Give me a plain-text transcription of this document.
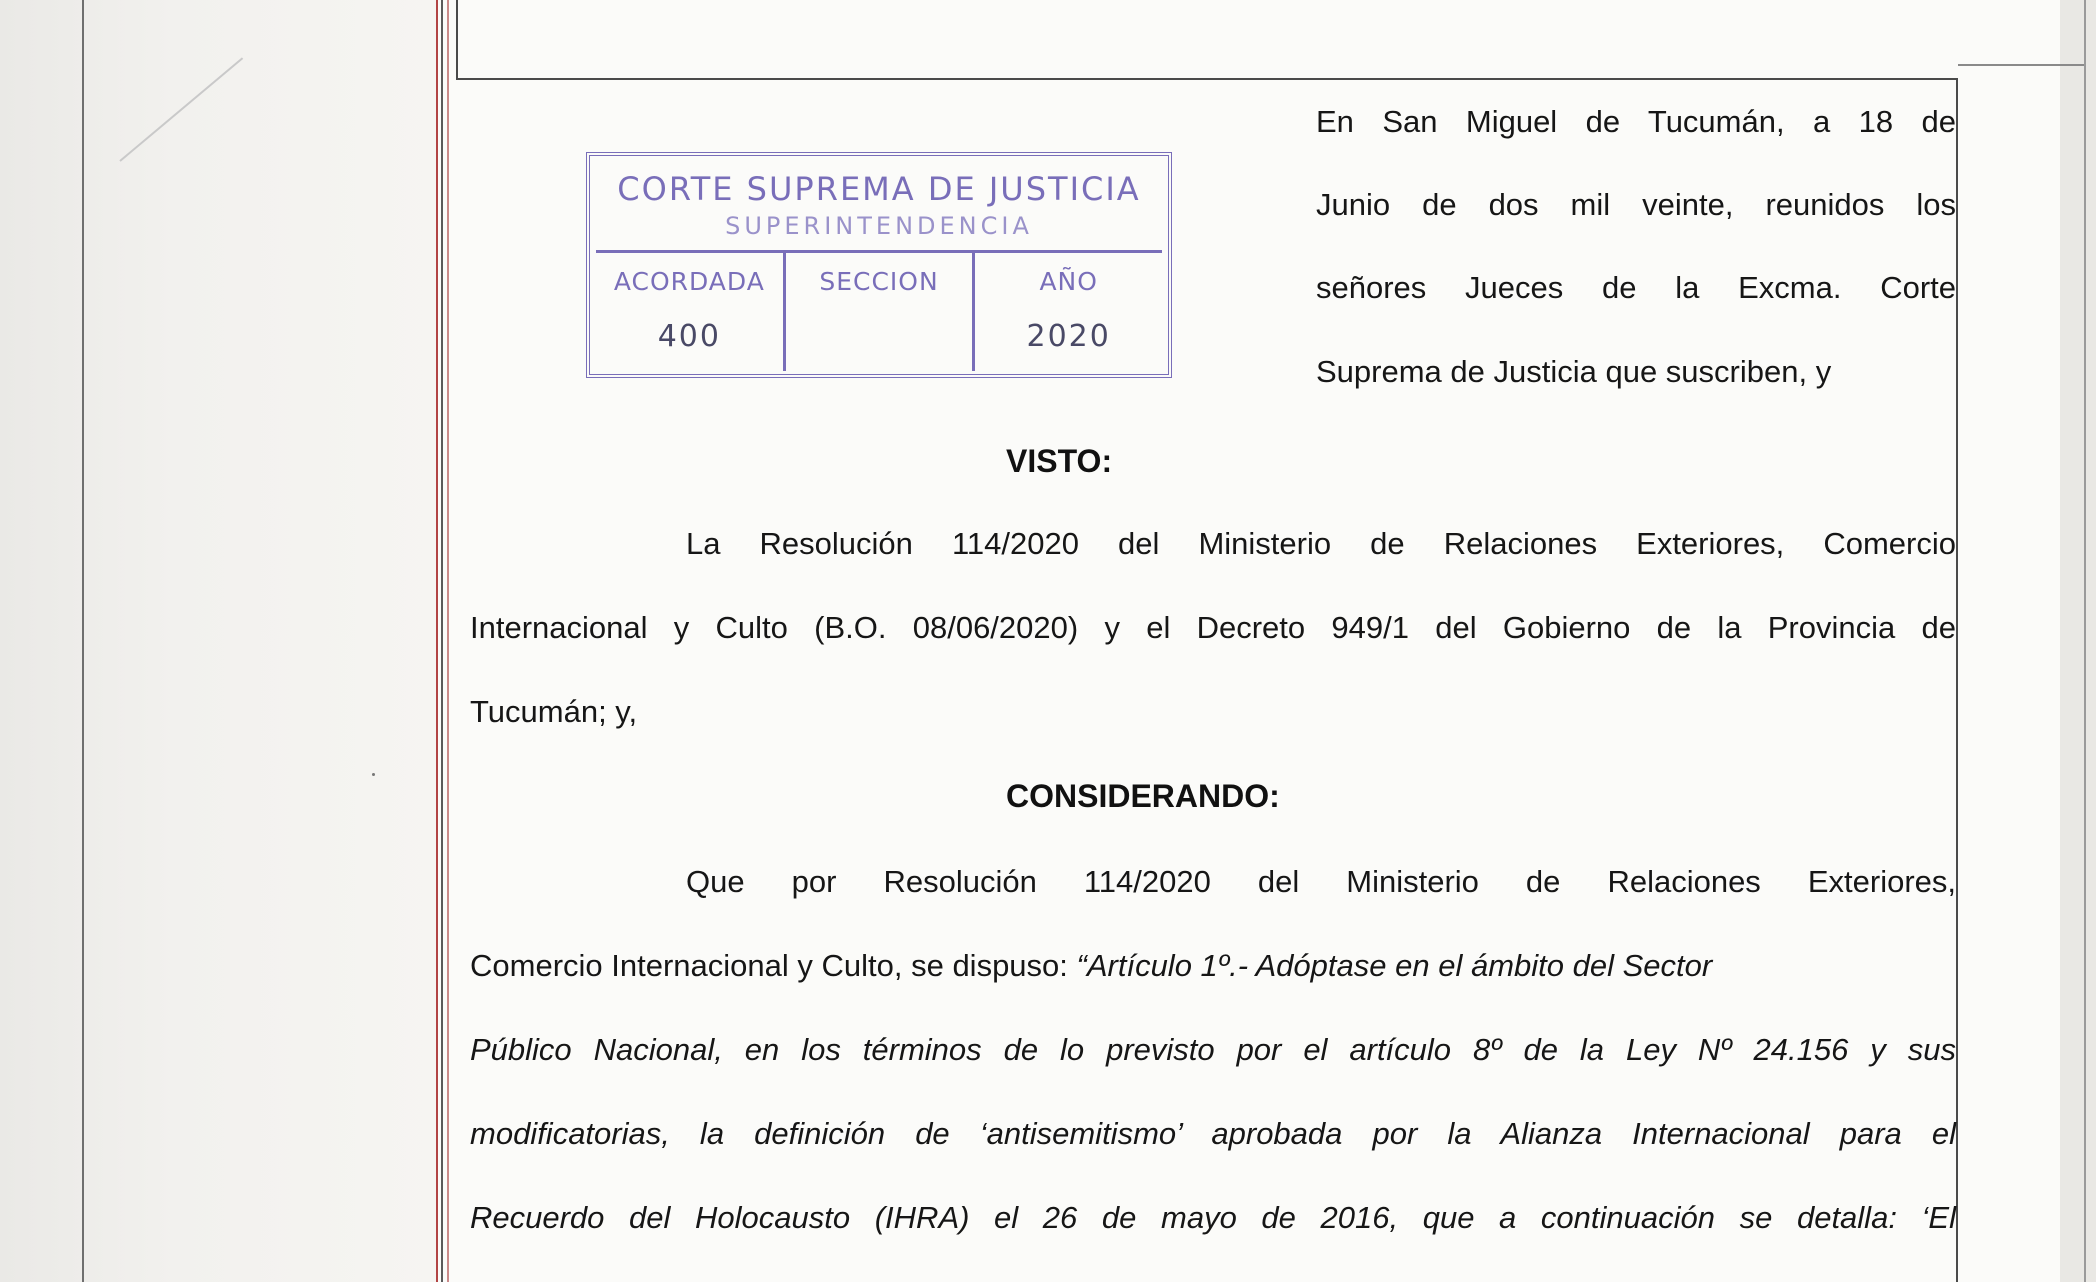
CORTE SUPREMA DE JUSTICIA
SUPERINTENDENCIA
ACORDADA
400
SECCION	AÑO
2020
En San Miguel de Tucumán, a 18 de
Junio de dos mil veinte, reunidos los
señores Jueces de la Excma. Corte
Suprema de Justicia que suscriben, y
VISTO:
La Resolución 114/2020 del Ministerio de Relaciones Exteriores, Comercio
Internacional y Culto (B.O. 08/06/2020) y el Decreto 949/1 del Gobierno de la Provincia de
Tucumán; y,
CONSIDERANDO:
Que por Resolución 114/2020 del Ministerio de Relaciones Exteriores,
Comercio Internacional y Culto, se dispuso: “Artículo 1º.- Adóptase en el ámbito del Sector
Público Nacional, en los términos de lo previsto por el artículo 8º de la Ley Nº 24.156 y sus
modificatorias, la definición de ‘antisemitismo’ aprobada por la Alianza Internacional para el
Recuerdo del Holocausto (IHRA) el 26 de mayo de 2016, que a continuación se detalla: ‘El
